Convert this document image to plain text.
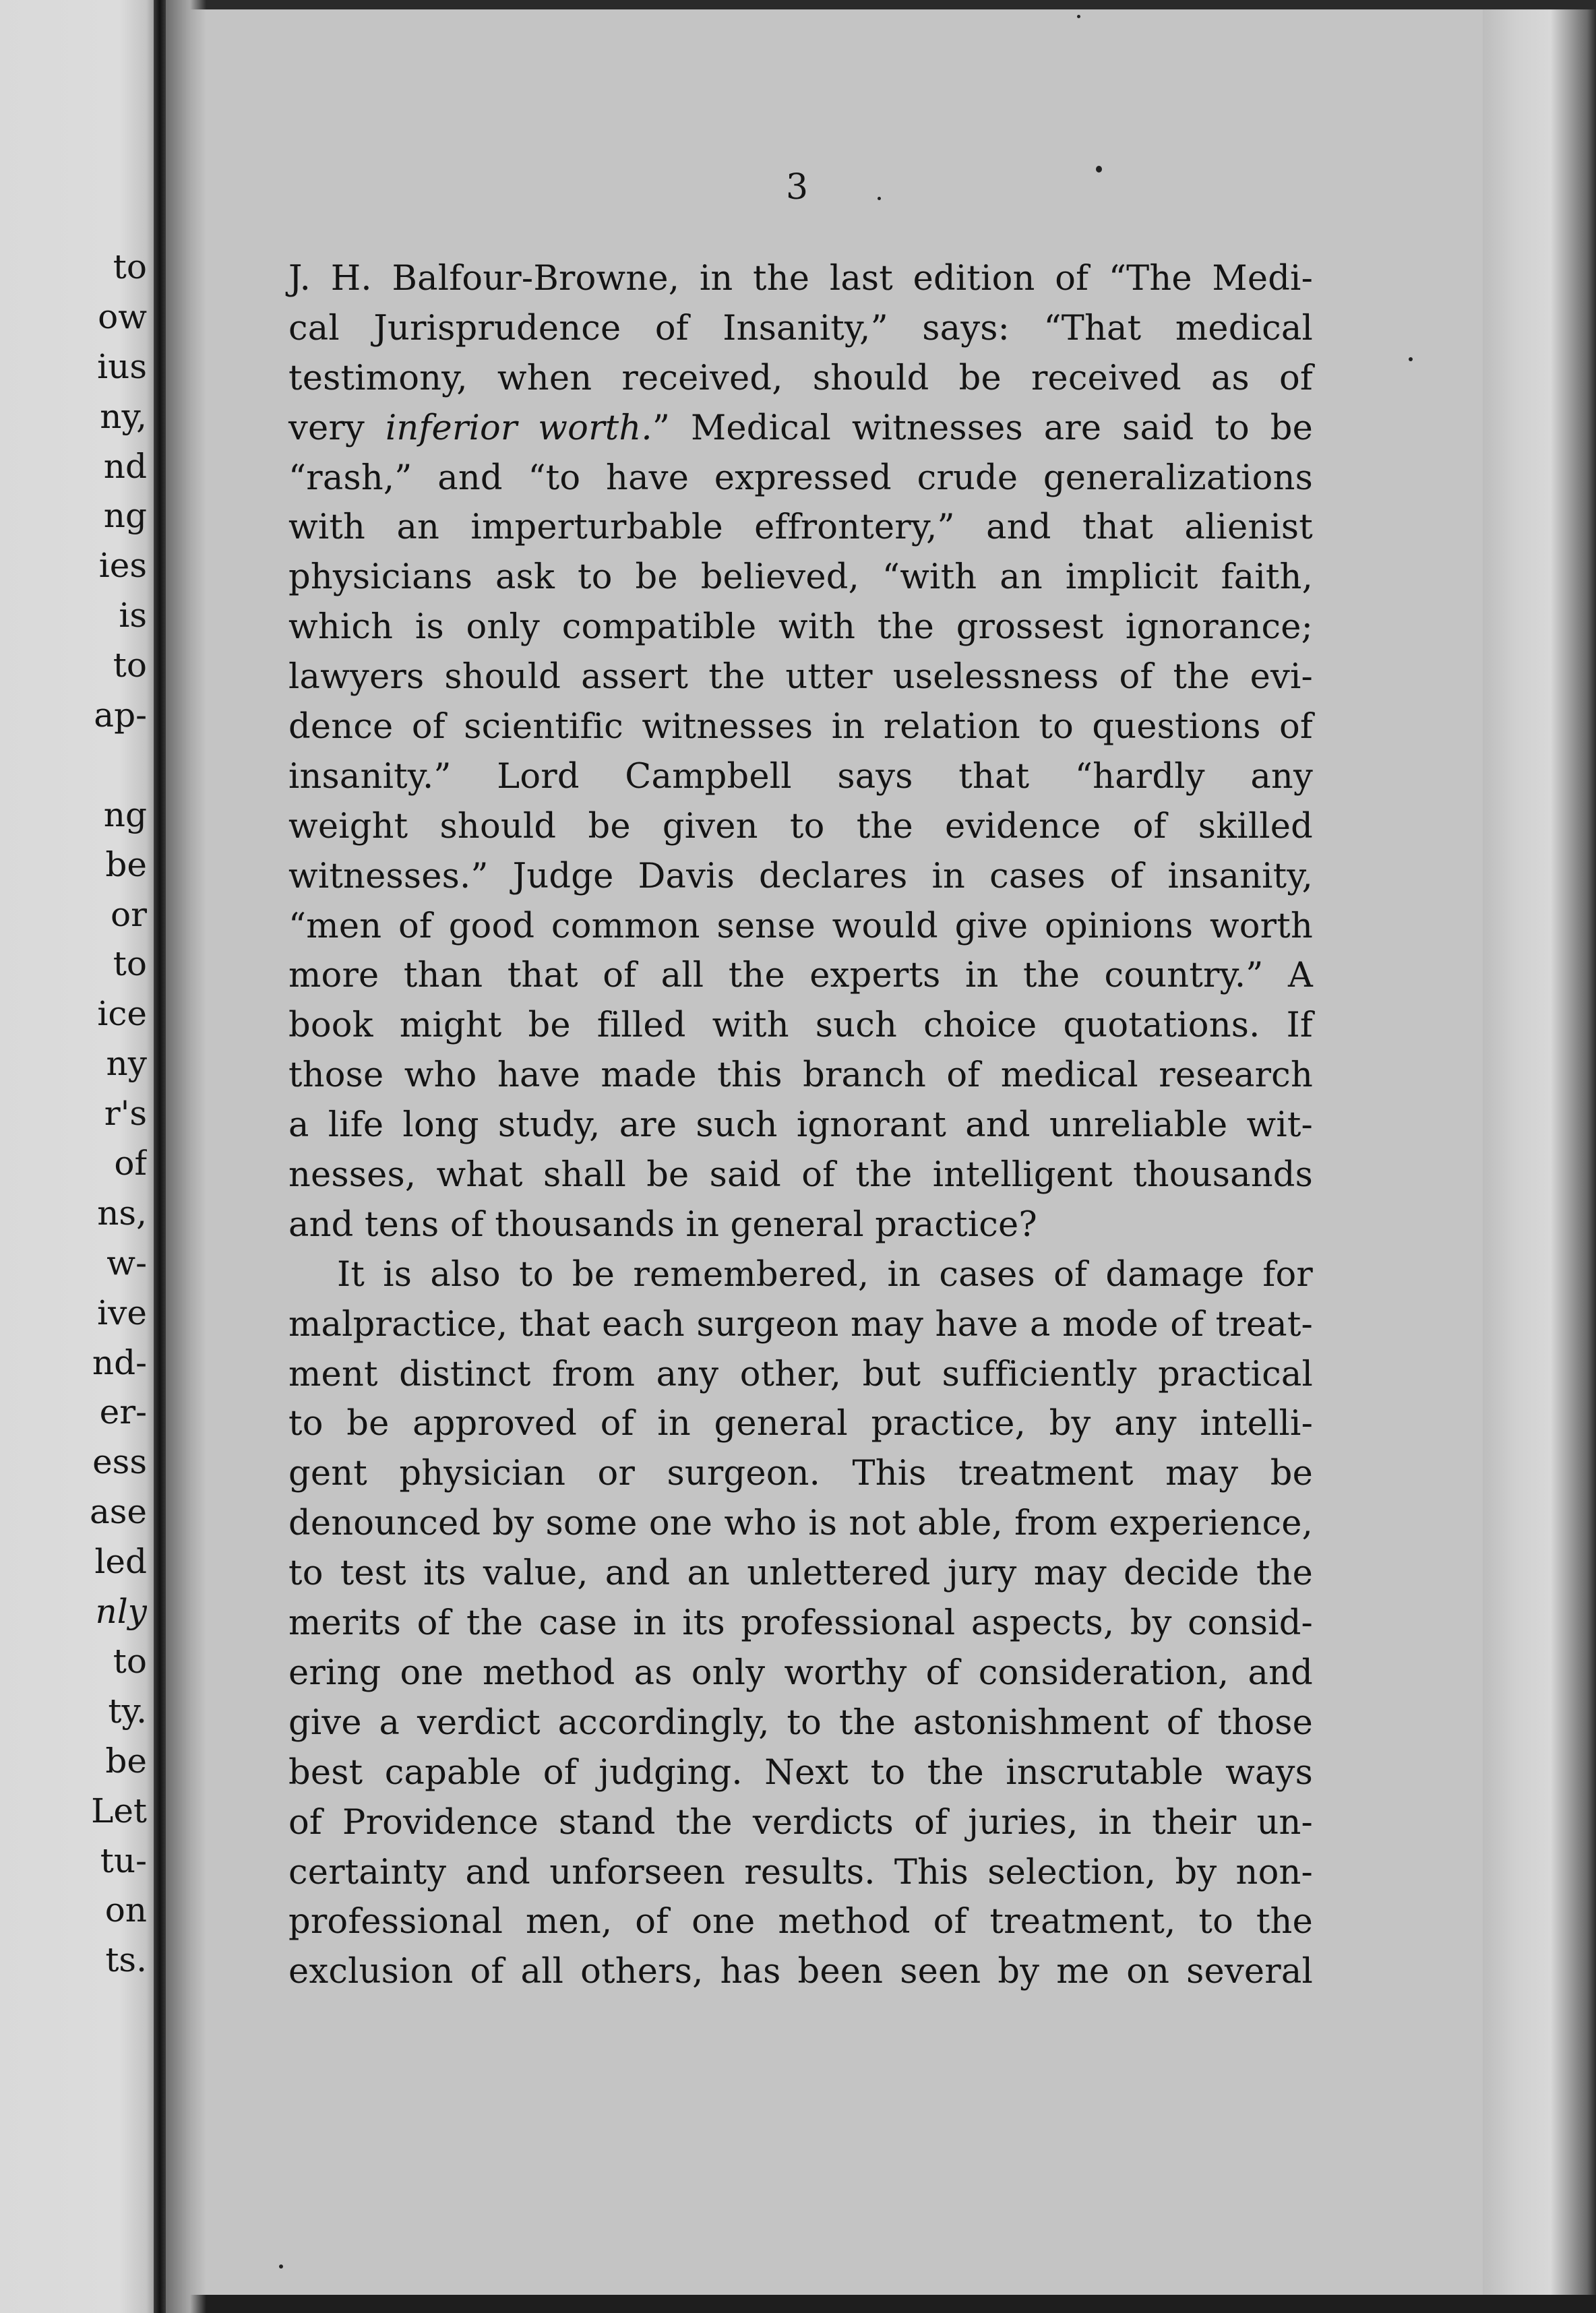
to
ow
ius
ny,
nd
ng
ies
is
to
ap-
ng
be
or
to
ice
ny
r's
of
ns,
w-
ive
nd-
er-
ess
ase
led
nly
to
ty.
be
Let
tu-
on
ts.
3
J. H. Balfour-Browne, in the last edition of “The Medi-
cal Jurisprudence of Insanity,” says: “That medical
testimony, when received, should be received as of
very inferior worth.” Medical witnesses are said to be
“rash,” and “to have expressed crude generalizations
with an imperturbable effrontery,” and that alienist
physicians ask to be believed, “with an implicit faith,
which is only compatible with the grossest ignorance;
lawyers should assert the utter uselessness of the evi-
dence of scientific witnesses in relation to questions of
insanity.” Lord Campbell says that “hardly any
weight should be given to the evidence of skilled
witnesses.” Judge Davis declares in cases of insanity,
“men of good common sense would give opinions worth
more than that of all the experts in the country.” A
book might be filled with such choice quotations. If
those who have made this branch of medical research
a life long study, are such ignorant and unreliable wit-
nesses, what shall be said of the intelligent thousands
and tens of thousands in general practice?
It is also to be remembered, in cases of damage for
malpractice, that each surgeon may have a mode of treat-
ment distinct from any other, but sufficiently practical
to be approved of in general practice, by any intelli-
gent physician or surgeon. This treatment may be
denounced by some one who is not able, from experience,
to test its value, and an unlettered jury may decide the
merits of the case in its professional aspects, by consid-
ering one method as only worthy of consideration, and
give a verdict accordingly, to the astonishment of those
best capable of judging. Next to the inscrutable ways
of Providence stand the verdicts of juries, in their un-
certainty and unforseen results. This selection, by non-
professional men, of one method of treatment, to the
exclusion of all others, has been seen by me on several
